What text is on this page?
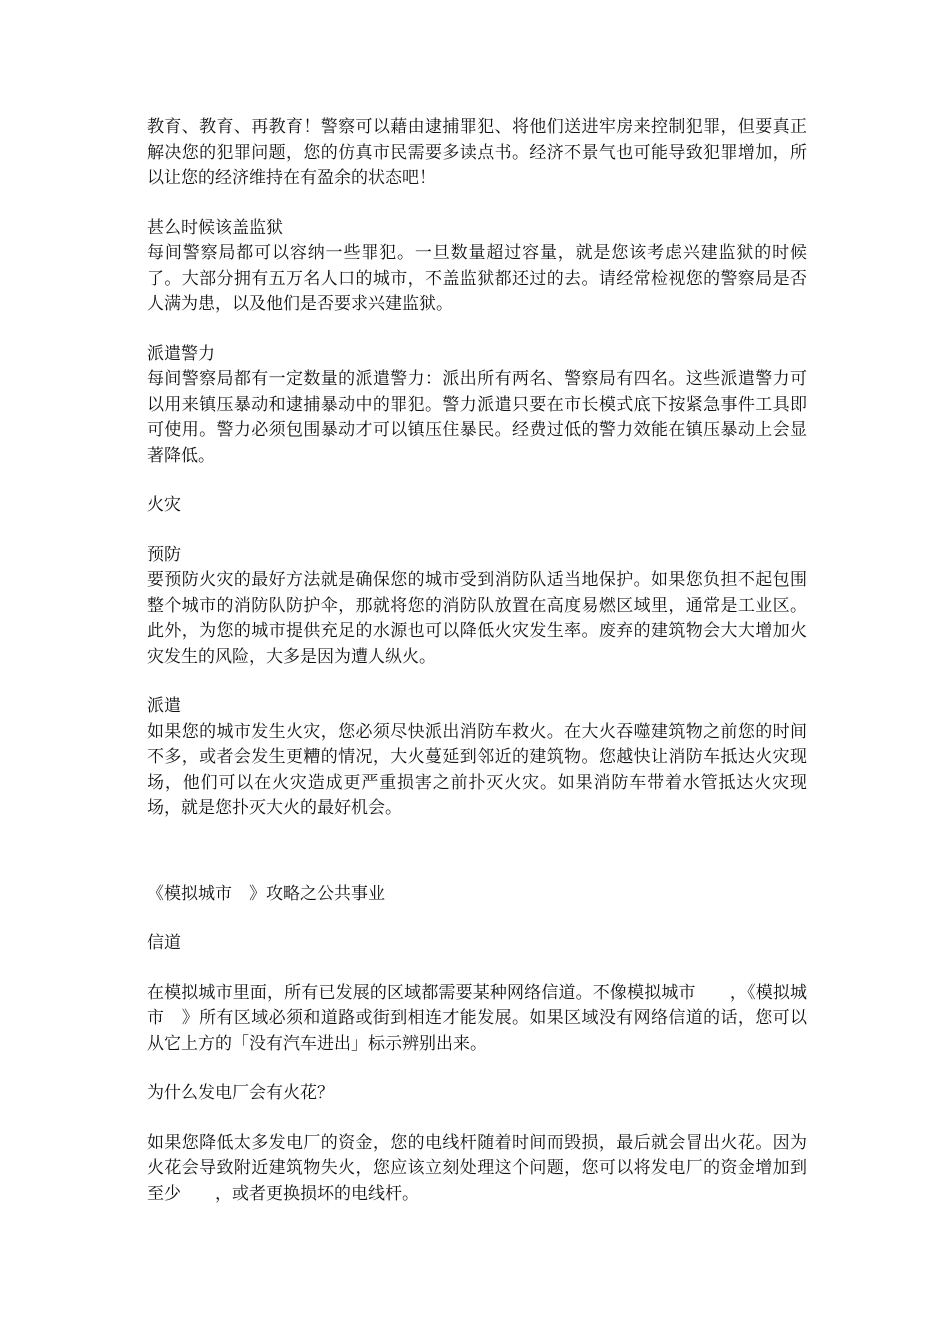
教育、教育、再教育！警察可以藉由逮捕罪犯、将他们送进牢房来控制犯罪，但要真正解决您的犯罪问题，您的仿真市民需要多读点书。经济不景气也可能导致犯罪增加，所以让您的经济维持在有盈余的状态吧！

甚么时候该盖监狱

每间警察局都可以容纳一些罪犯。一旦数量超过容量，就是您该考虑兴建监狱的时候了。大部分拥有五万名人口的城市，不盖监狱都还过的去。请经常检视您的警察局是否人满为患，以及他们是否要求兴建监狱。

派遣警力

每间警察局都有一定数量的派遣警力：派出所有两名、警察局有四名。这些派遣警力可以用来镇压暴动和逮捕暴动中的罪犯。警力派遣只要在市长模式底下按紧急事件工具即可使用。警力必须包围暴动才可以镇压住暴民。经费过低的警力效能在镇压暴动上会显著降低。

火灾

预防

要预防火灾的最好方法就是确保您的城市受到消防队适当地保护。如果您负担不起包围整个城市的消防队防护伞，那就将您的消防队放置在高度易燃区域里，通常是工业区。此外，为您的城市提供充足的水源也可以降低火灾发生率。废弃的建筑物会大大增加火灾发生的风险，大多是因为遭人纵火。

派遣

如果您的城市发生火灾，您必须尽快派出消防车救火。在大火吞噬建筑物之前您的时间不多，或者会发生更糟的情况，大火蔓延到邻近的建筑物。您越快让消防车抵达火灾现场，他们可以在火灾造成更严重损害之前扑灭火灾。如果消防车带着水管抵达火灾现场，就是您扑灭大火的最好机会。

《模拟城市　》攻略之公共事业

信道

在模拟城市里面，所有已发展的区域都需要某种网络信道。不像模拟城市　　，《模拟城市　》所有区域必须和道路或街到相连才能发展。如果区域没有网络信道的话，您可以从它上方的「没有汽车进出」标示辨别出来。

为什么发电厂会有火花？

如果您降低太多发电厂的资金，您的电线杆随着时间而毁损，最后就会冒出火花。因为火花会导致附近建筑物失火，您应该立刻处理这个问题，您可以将发电厂的资金增加到至少　　，或者更换损坏的电线杆。
